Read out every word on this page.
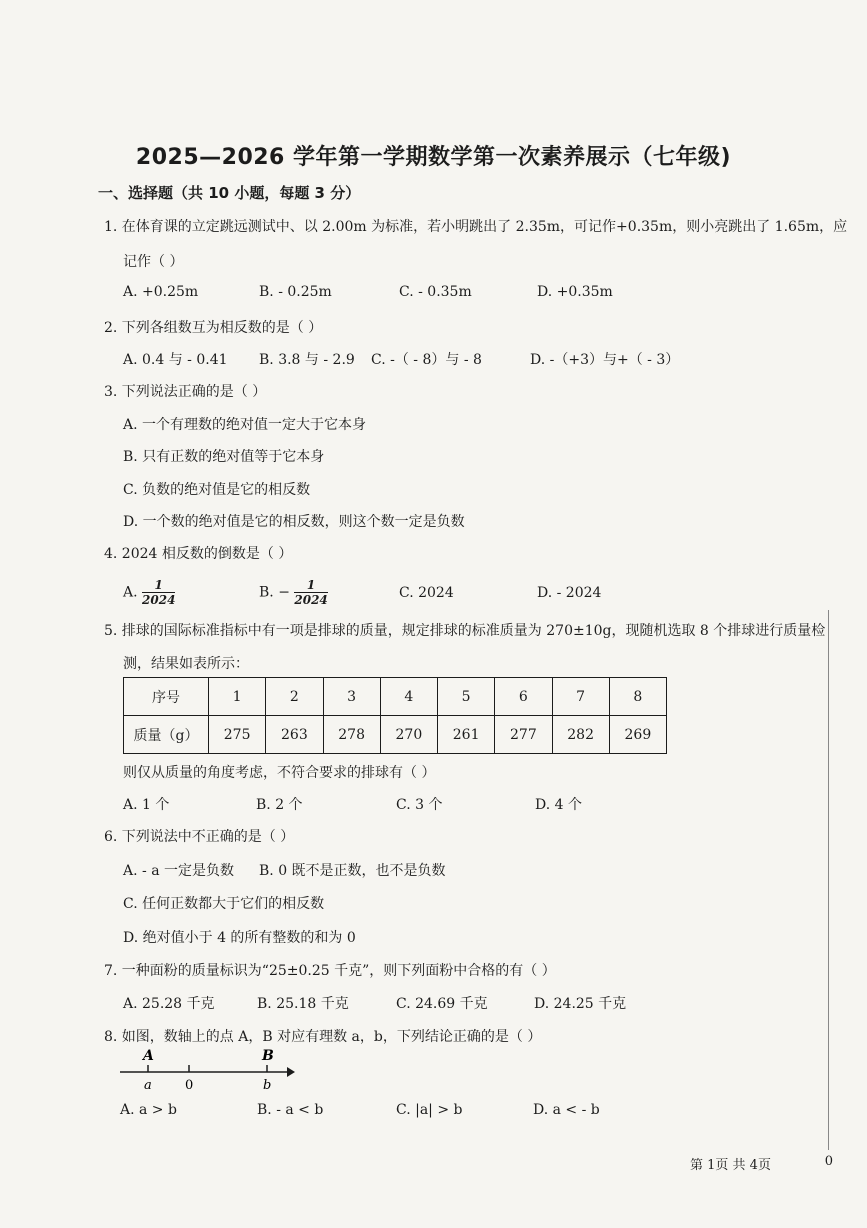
2025—2026 学年第一学期数学第一次素养展示（七年级)
一、选择题（共 10 小题，每题 3 分）
1. 在体育课的立定跳远测试中、以 2.00m 为标准，若小明跳出了 2.35m，可记作+0.35m，则小亮跳出了 1.65m，应
记作（ ）
A. +0.25m	B. - 0.25m	C. - 0.35m	D. +0.35m
2. 下列各组数互为相反数的是（ ）
A. 0.4 与 - 0.41 B. 3.8 与 - 2.9 C. -（ - 8）与 - 8	D. -（+3）与+（ - 3）
3. 下列说法正确的是（ ）
A. 一个有理数的绝对值一定大于它本身
B. 只有正数的绝对值等于它本身
C. 负数的绝对值是它的相反数
D. 一个数的绝对值是它的相反数，则这个数一定是负数
4. 2024 相反数的倒数是（ ）
A. $\frac{1}{2024}$	B. − $\frac{1}{2024}$	C. 2024	D. - 2024
5. 排球的国际标准指标中有一项是排球的质量，规定排球的标准质量为 270±10g，现随机选取 8 个排球进行质量检
测，结果如表所示：
序号	1	2	3	4	5	6	7	8
质量（g）	275	263	278	270	261	277	282	269
则仅从质量的角度考虑，不符合要求的排球有（ ）
A. 1 个	B. 2 个	C. 3 个	D. 4 个
6. 下列说法中不正确的是（ ）
A. - a 一定是负数 B. 0 既不是正数，也不是负数
C. 任何正数都大于它们的相反数
D. 绝对值小于 4 的所有整数的和为 0
7. 一种面粉的质量标识为“25±0.25 千克”，则下列面粉中合格的有（ ）
A. 25.28 千克	B. 25.18 千克	C. 24.69 千克	D. 24.25 千克
8. 如图，数轴上的点 A，B 对应有理数 a，b，下列结论正确的是（ ）
A	B
a	0	b
A. a > b	B. - a < b	C. |a| > b	D. a < - b
第 1页 共 4页	0
